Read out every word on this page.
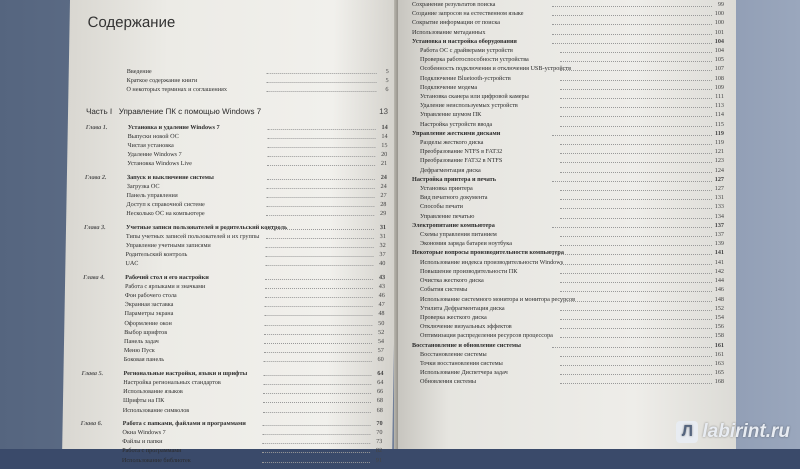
Содержание
Введение	5
Краткое содержание книги	5
О некоторых терминах и соглашениях	6
Часть I Управление ПК с помощью Windows 7	13
Глава 1.	Установка и удаление Windows 7	14
Выпуски новой ОС	14
Чистая установка	15
Удаление Windows 7	20
Установка Windows Live	21
Глава 2.	Запуск и выключение системы	24
Загрузка ОС	24
Панель управления	27
Доступ к справочной системе	28
Несколько ОС на компьютере	29
Глава 3.	Учетные записи пользователей и родительский контроль	31
Типы учетных записей пользователей и их группы	31
Управление учетными записями	32
Родительский контроль	37
UAC	40
Глава 4.	Рабочий стол и его настройки	43
Работа с ярлыками и значками	43
Фон рабочего стола	46
Экранная заставка	47
Параметры экрана	48
Оформление окон	50
Выбор шрифтов	52
Панель задач	54
Меню Пуск	57
Боковая панель	60
Глава 5.	Региональные настройки, языки и шрифты	64
Настройка региональных стандартов	64
Использование языков	66
Шрифты на ПК	68
Использование символов	68
Глава 6.	Работа с папками, файлами и программами	70
Окна Windows 7	70
Файлы и папки	73
Работа с программами	82
Использование библиотек	91
Сохранение результатов поиска	99
Создание запросов на естественном языке	100
Сокрытие информации от поиска	100
Использование метаданных	101
Установка и настройка оборудования	104
Работа ОС с драйверами устройств	104
Проверка работоспособности устройства	105
Особенность подключения и отключения USB-устройств	107
Подключение Bluetooth-устройств	108
Подключение модема	109
Установка сканера или цифровой камеры	111
Удаление неиспользуемых устройств	113
Управление шумом ПК	114
Настройка устройств ввода	115
Управление жесткими дисками	119
Разделы жесткого диска	119
Преобразование NTFS в FAT32	121
Преобразование FAT32 в NTFS	123
Дефрагментация диска	124
Настройка принтера и печать	127
Установка принтера	127
Вид печатного документа	131
Способы печати	133
Управление печатью	134
Электропитание компьютера	137
Схемы управления питанием	137
Экономия заряда батареи ноутбука	139
Некоторые вопросы производительности компьютера	141
Использование индекса производительности Windows	141
Повышение производительности ПК	142
Очистка жесткого диска	144
События системы	146
Использование системного монитора и монитора ресурсов	148
Утилита Дефрагментация диска	152
Проверка жесткого диска	154
Отключение визуальных эффектов	156
Оптимизация распределения ресурсов процессора	158
Восстановление и обновление системы	161
Восстановление системы	161
Точки восстановления системы	163
Использование Диспетчера задач	165
Обновления системы	168
Л labirint.ru
